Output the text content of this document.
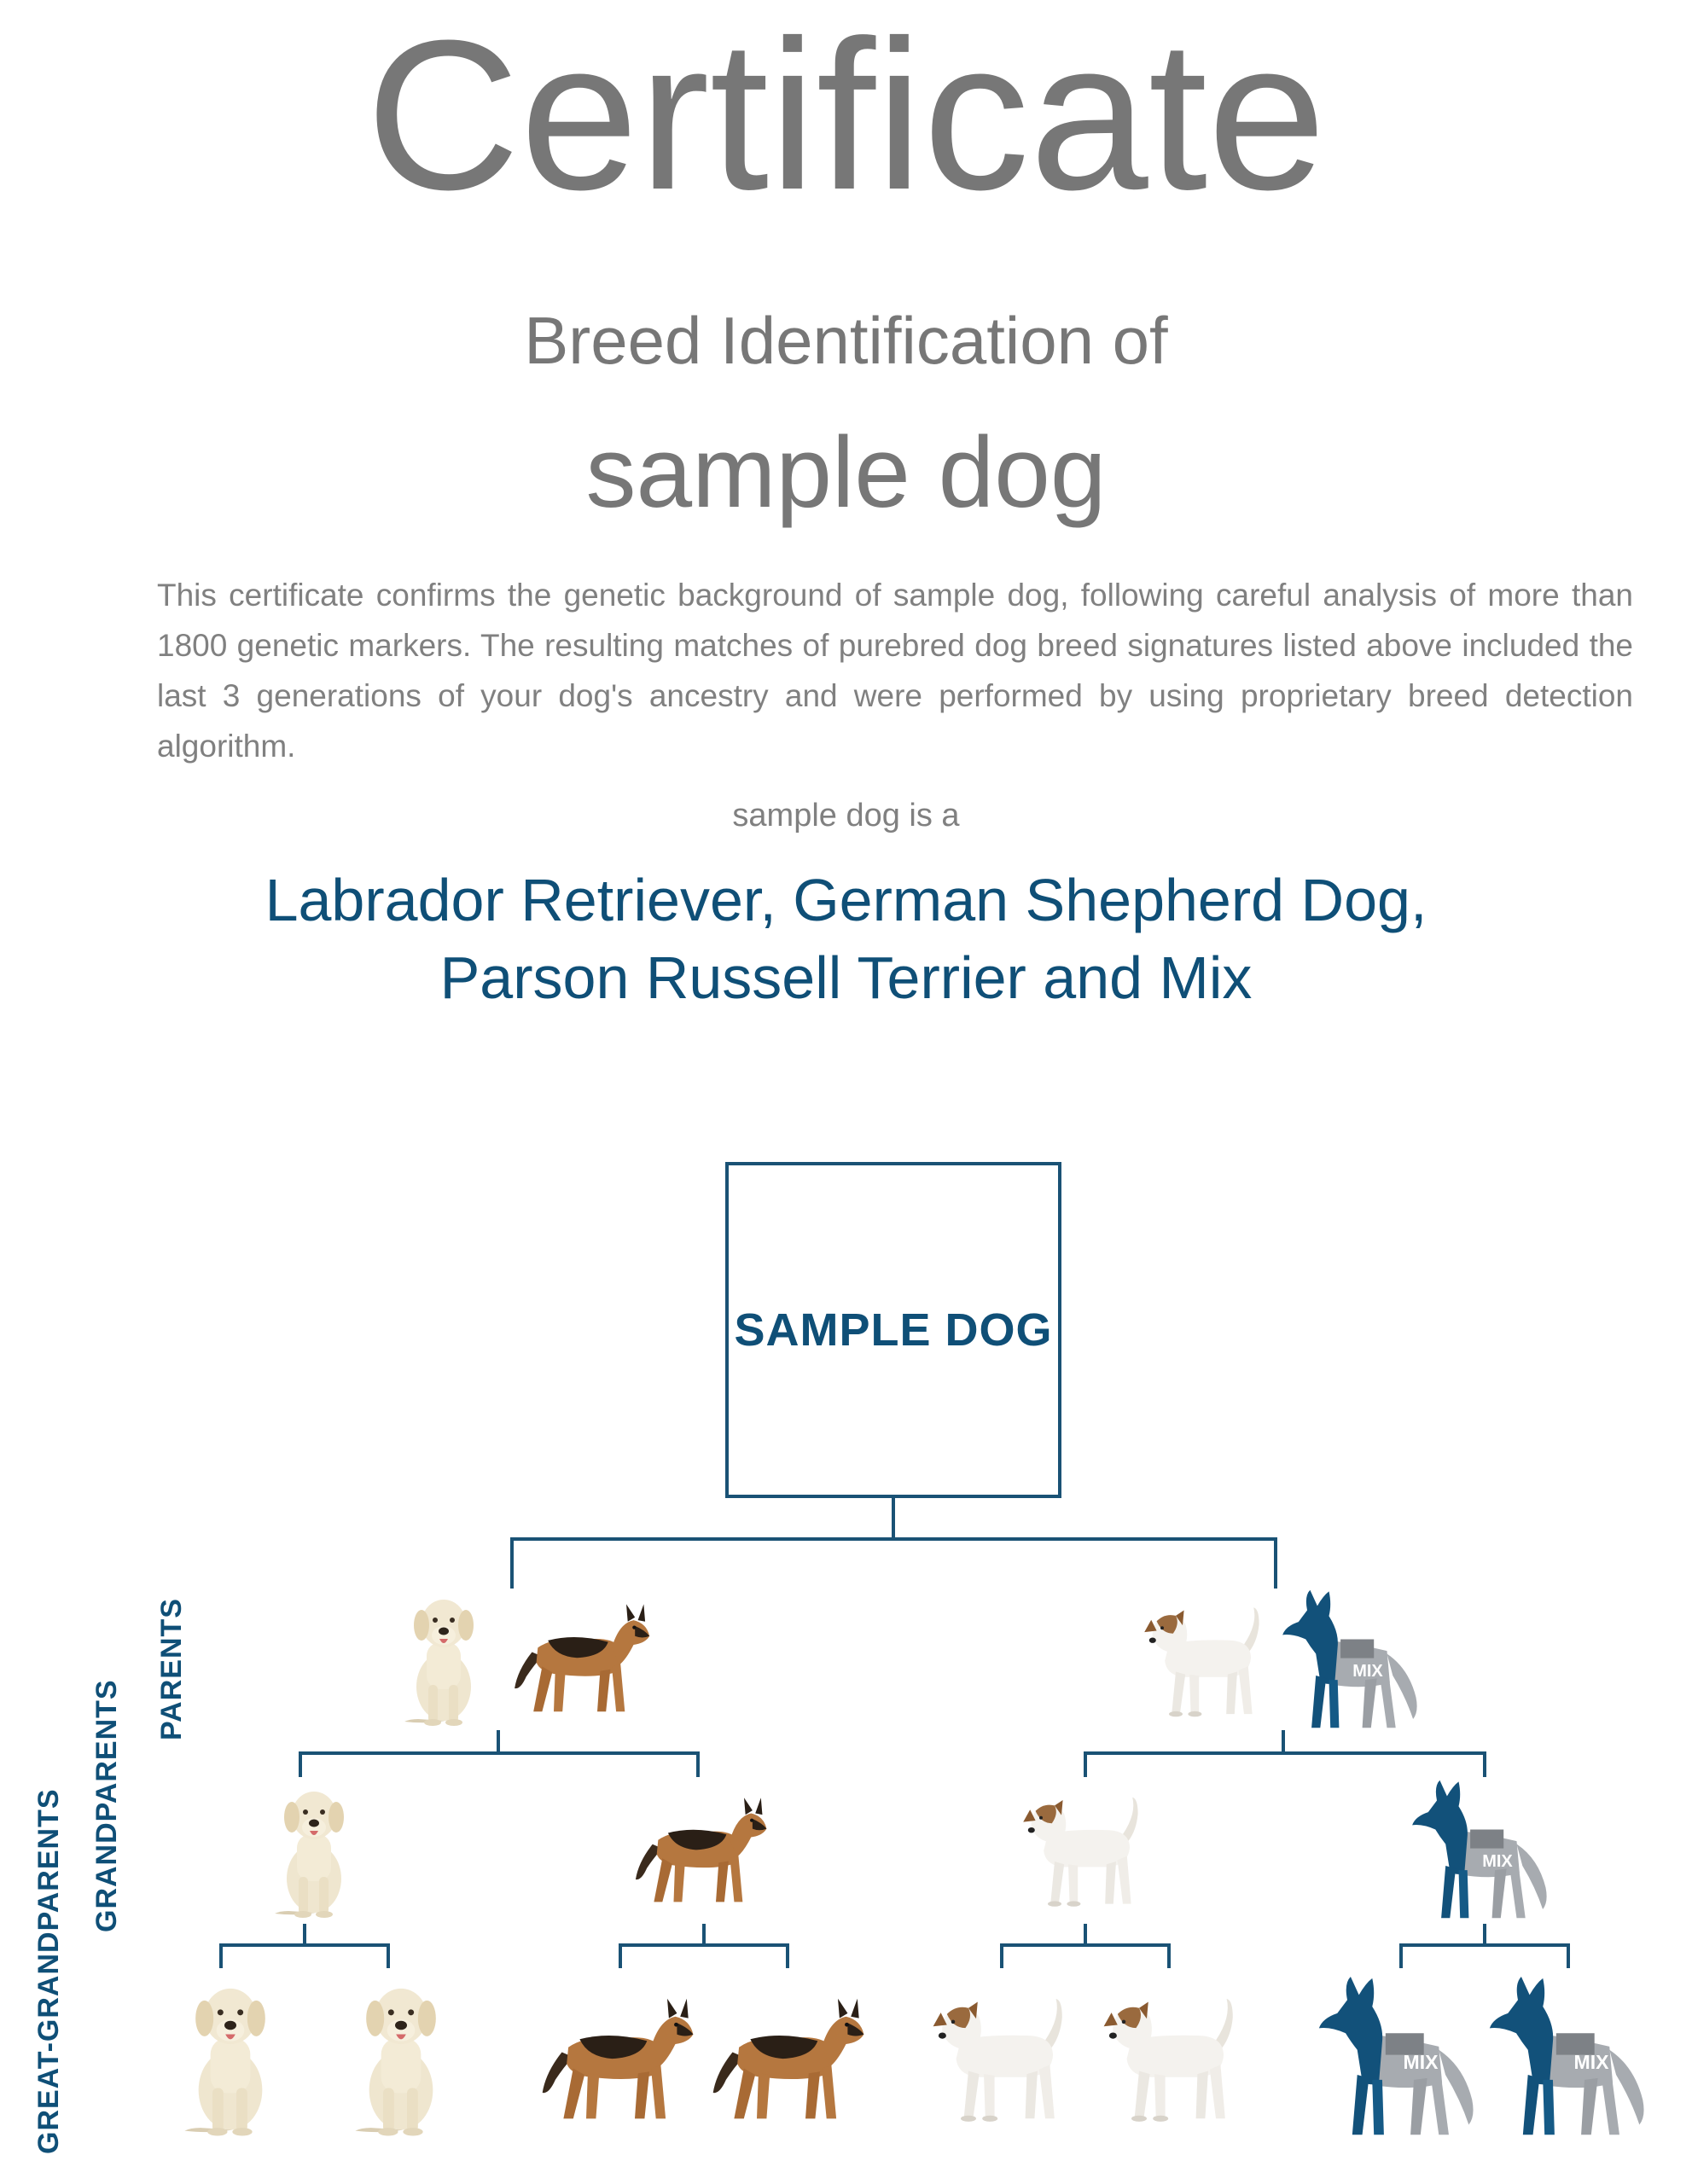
Certificate
Breed Identification of
sample dog
This certificate confirms the genetic background of sample dog, following careful analysis of more than 1800 genetic markers. The resulting matches of purebred dog breed signatures listed above included the last 3 generations of your dog's ancestry and were performed by using proprietary breed detection algorithm.
sample dog is a
Labrador Retriever, German Shepherd Dog, Parson Russell Terrier and Mix
SAMPLE DOG
PARENTS
GRANDPARENTS
GREAT-GRANDPARENTS
MIX
MIX
MIX	MIX
